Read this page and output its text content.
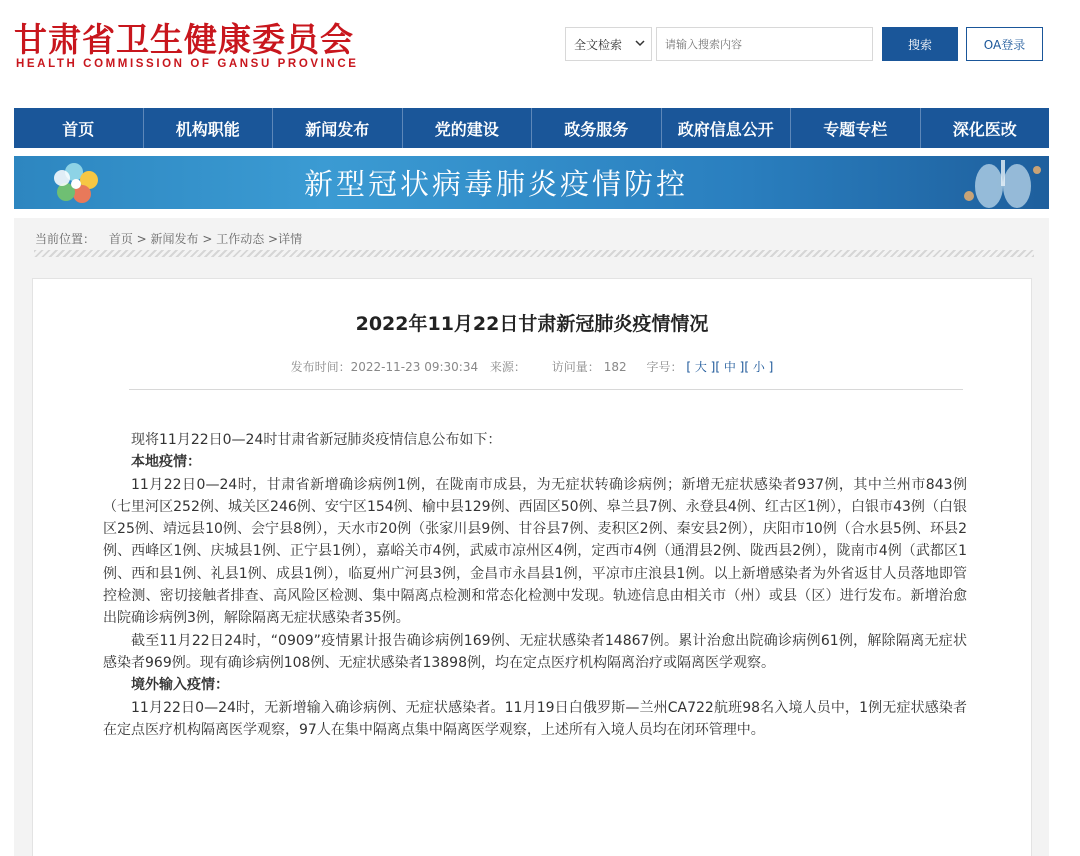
甘肃省卫生健康委员会
HEALTH COMMISSION OF GANSU PROVINCE
全文检索
请输入搜索内容	搜索	OA登录
首页	机构职能	新闻发布	党的建设	政务服务	政府信息公开	专题专栏	深化医改
新型冠状病毒肺炎疫情防控
当前位置： 首页 > 新闻发布 > 工作动态 >详情
2022年11月22日甘肃新冠肺炎疫情情况
发布时间：2022-11-23 09:30:34 来源： 访问量： 182 字号： [ 大 ][ 中 ][ 小 ]

现将11月22日0—24时甘肃省新冠肺炎疫情信息公布如下：

本地疫情：

11月22日0—24时，甘肃省新增确诊病例1例，在陇南市成县，为无症状转确诊病例；新增无症状感染者937例，其中兰州市843例（七里河区252例、城关区246例、安宁区154例、榆中县129例、西固区50例、皋兰县7例、永登县4例、红古区1例），白银市43例（白银区25例、靖远县10例、会宁县8例），天水市20例（张家川县9例、甘谷县7例、麦积区2例、秦安县2例），庆阳市10例（合水县5例、环县2例、西峰区1例、庆城县1例、正宁县1例），嘉峪关市4例，武威市凉州区4例，定西市4例（通渭县2例、陇西县2例），陇南市4例（武都区1例、西和县1例、礼县1例、成县1例），临夏州广河县3例，金昌市永昌县1例，平凉市庄浪县1例。以上新增感染者为外省返甘人员落地即管控检测、密切接触者排查、高风险区检测、集中隔离点检测和常态化检测中发现。轨迹信息由相关市（州）或县（区）进行发布。新增治愈出院确诊病例3例，解除隔离无症状感染者35例。

截至11月22日24时，“0909”疫情累计报告确诊病例169例、无症状感染者14867例。累计治愈出院确诊病例61例，解除隔离无症状感染者969例。现有确诊病例108例、无症状感染者13898例，均在定点医疗机构隔离治疗或隔离医学观察。

境外输入疫情：

11月22日0—24时，无新增输入确诊病例、无症状感染者。11月19日白俄罗斯—兰州CA722航班98名入境人员中，1例无症状感染者在定点医疗机构隔离医学观察，97人在集中隔离点集中隔离医学观察，上述所有入境人员均在闭环管理中。
